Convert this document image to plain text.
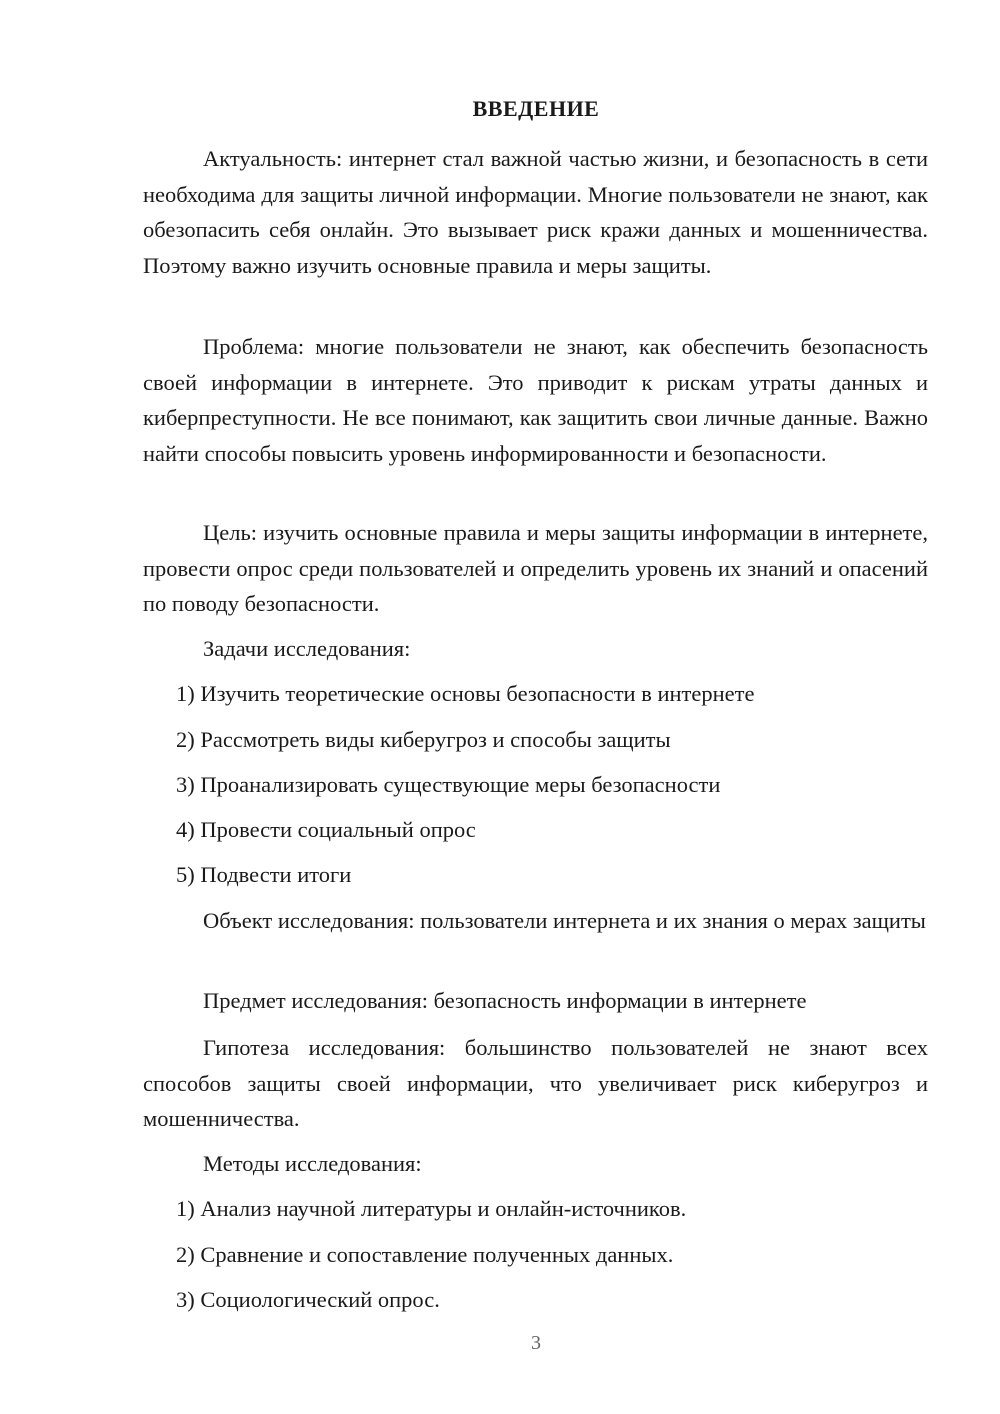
ВВЕДЕНИЕ

Актуальность: интернет стал важной частью жизни, и безопасность в сети необходима для защиты личной информации. Многие пользователи не знают, как обезопасить себя онлайн. Это вызывает риск кражи данных и мошенничества. Поэтому важно изучить основные правила и меры защиты.

Проблема: многие пользователи не знают, как обеспечить безопасность своей информации в интернете. Это приводит к рискам утраты данных и киберпреступности. Не все понимают, как защитить свои личные данные. Важно найти способы повысить уровень информированности и безопасности.

Цель: изучить основные правила и меры защиты информации в интернете, провести опрос среди пользователей и определить уровень их знаний и опасений по поводу безопасности.

Задачи исследования:

1) Изучить теоретические основы безопасности в интернете

2) Рассмотреть виды киберугроз и способы защиты

3) Проанализировать существующие меры безопасности

4) Провести социальный опрос

5) Подвести итоги

Объект исследования: пользователи интернета и их знания о мерах защиты

Предмет исследования: безопасность информации в интернете

Гипотеза исследования: большинство пользователей не знают всех способов защиты своей информации, что увеличивает риск киберугроз и мошенничества.

Методы исследования:

1) Анализ научной литературы и онлайн-источников.

2) Сравнение и сопоставление полученных данных.

3) Социологический опрос.

3
